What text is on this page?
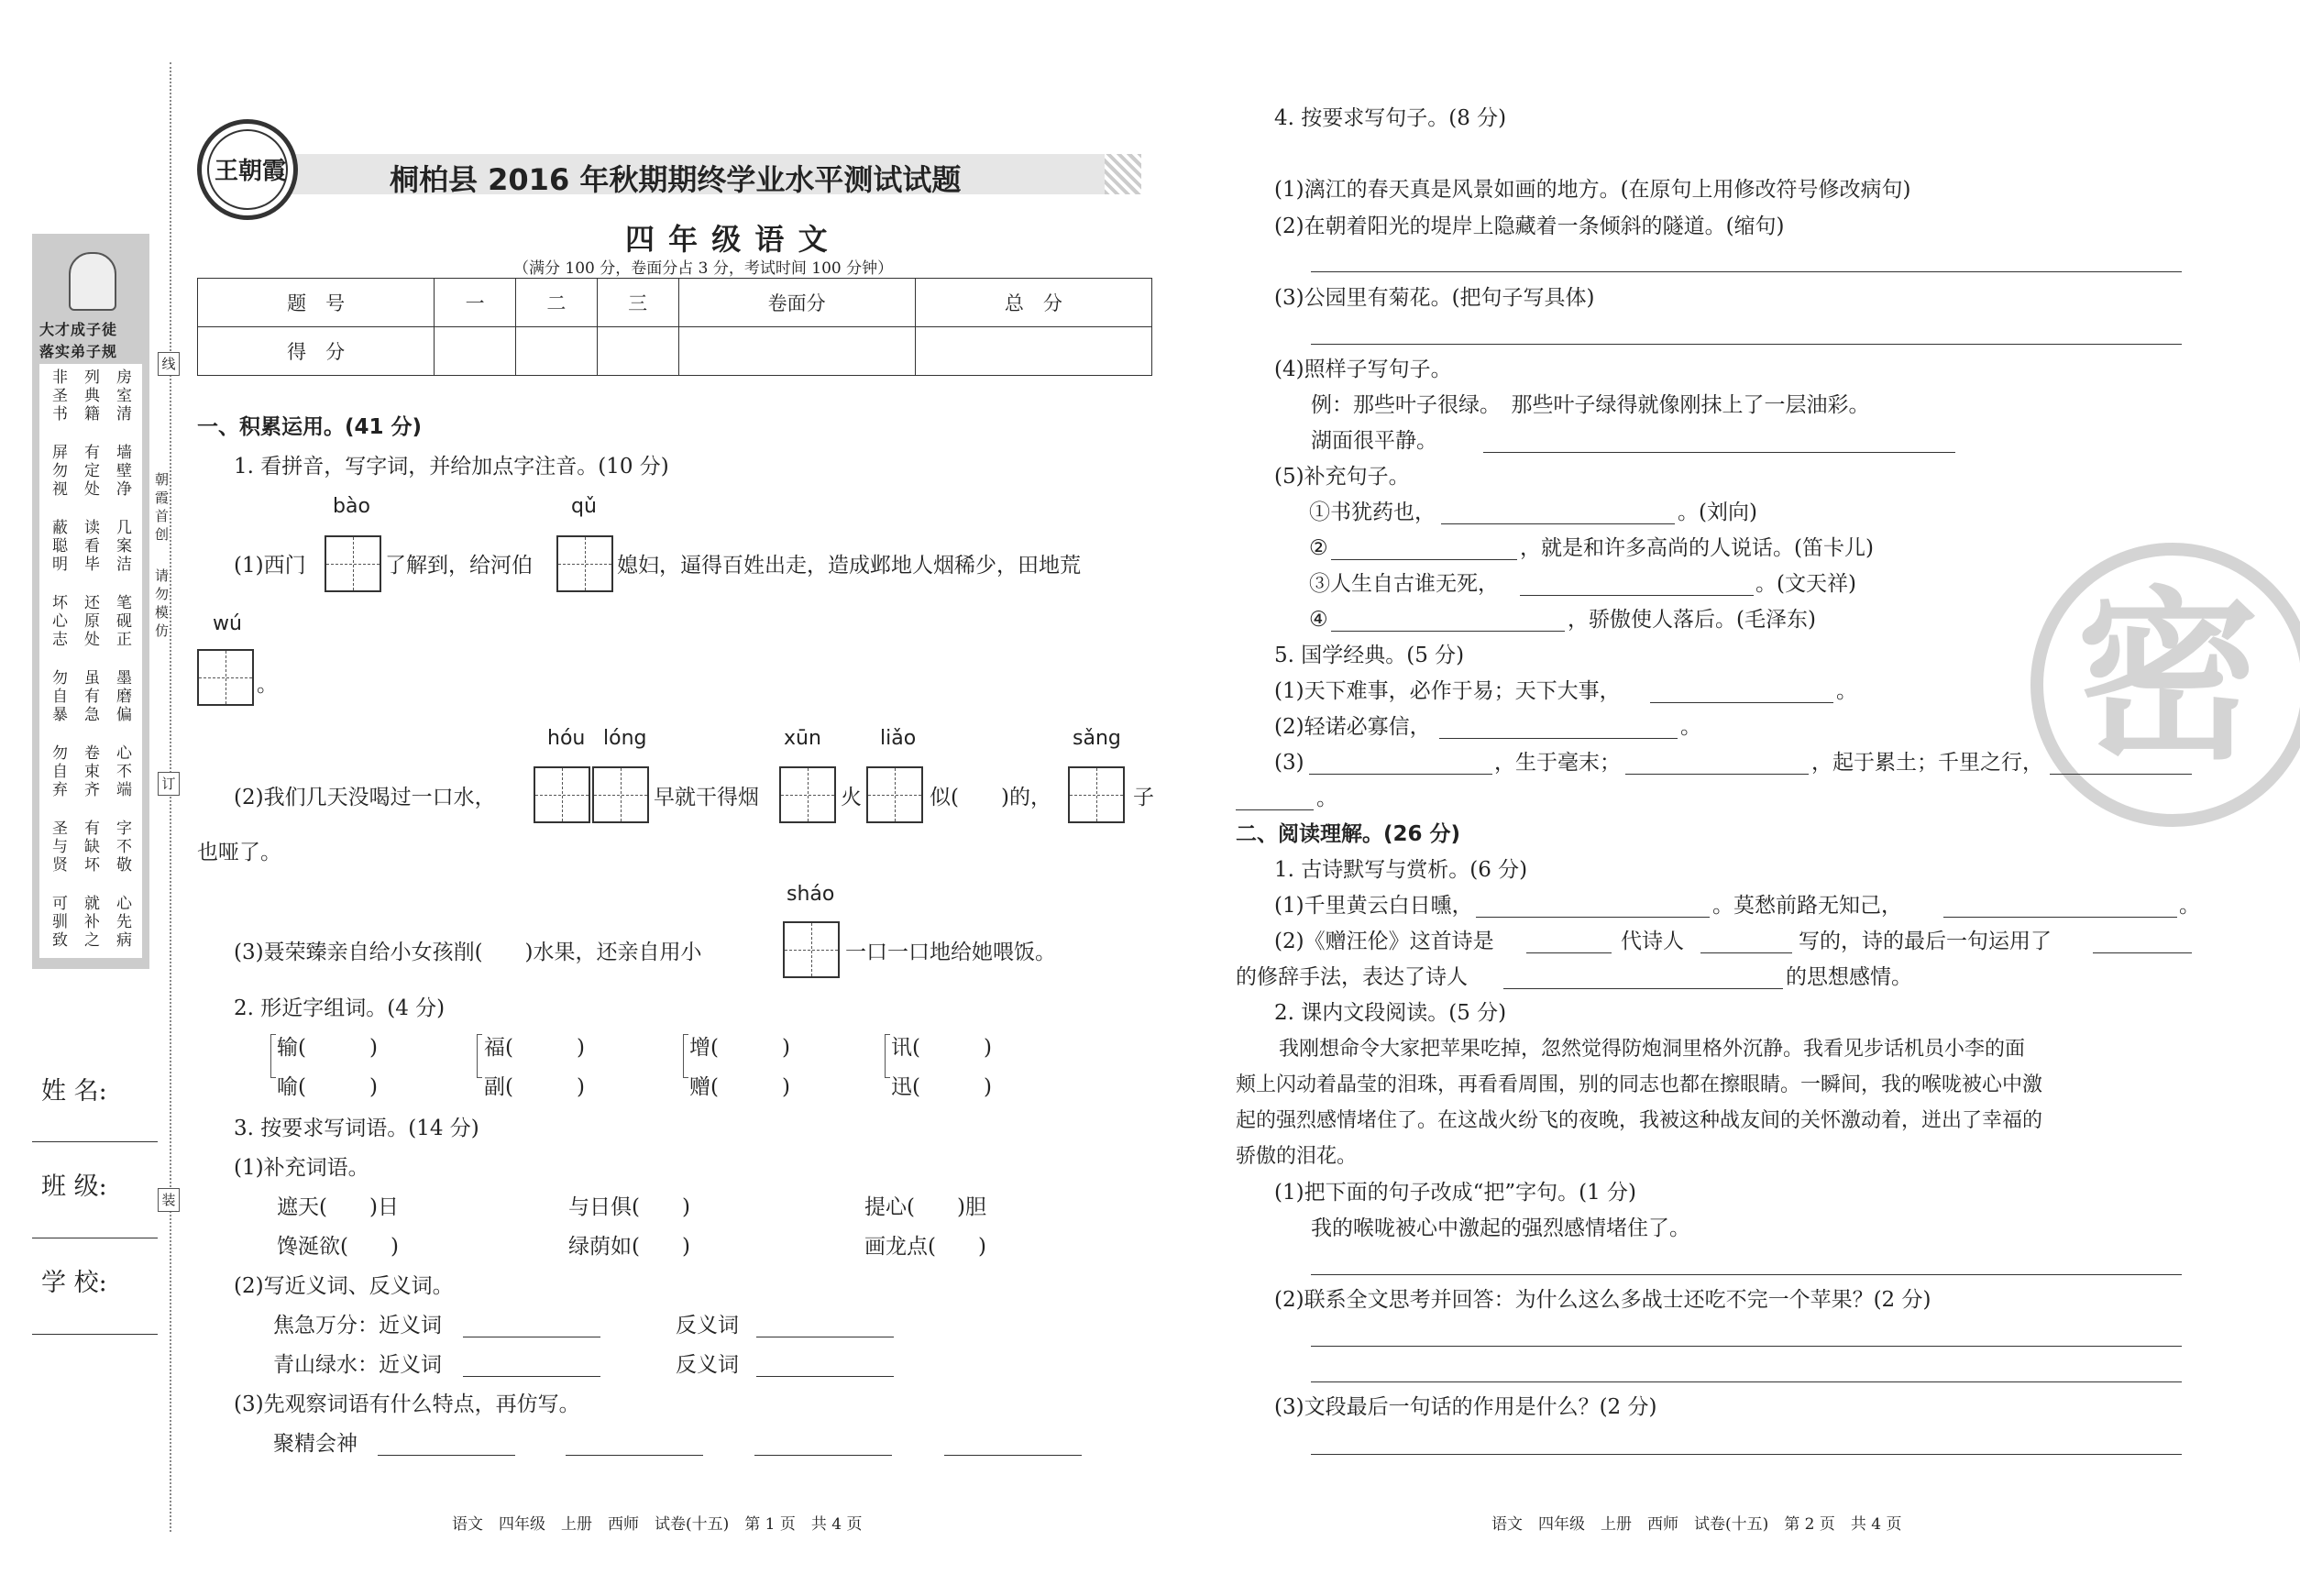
大才成子徒
落实弟子规
非圣书 列典籍 房室清
屏勿视 有定处 墙壁净
蔽聪明 读看毕 几案洁
坏心志 还原处 笔砚正
勿自暴 虽有急 墨磨偏
勿自弃 卷束齐 心不端
圣与贤 有缺坏 字不敬
可驯致 就补之 心先病
朝霞首创
请勿模仿
线
订
装
姓 名:
班 级:
学 校:
王朝霞	桐柏县 2016 年秋期期终学业水平测试试题
四 年 级 语 文
（满分 100 分，卷面分占 3 分，考试时间 100 分钟）
题　号	一	二	三	卷面分	总　分
得　分					
一、积累运用。(41 分)
1. 看拼音，写字词，并给加点字注音。(10 分)
bào	qǔ
(1)西门	了解到，给河伯	媳妇，逼得百姓出走，造成邺地人烟稀少，田地荒
wú
。
hóu lóng	xūn	liǎo	sǎng
(2)我们几天没喝过一口水，	早就干得烟	火	似(　　)的，	子
也哑了。
sháo
(3)聂荣臻亲自给小女孩削(　　)水果，还亲自用小	一口一口地给她喂饭。
2. 形近字组词。(4 分)
输(　　　)
喻(　　　)
福(　　　)
副(　　　)
增(　　　)
赠(　　　)
讯(　　　)
迅(　　　)
3. 按要求写词语。(14 分)
(1)补充词语。
遮天(　　)日	与日俱(　　)	提心(　　)胆
馋涎欲(　　)	绿荫如(　　)	画龙点(　　)
(2)写近义词、反义词。
焦急万分：近义词	反义词
青山绿水：近义词	反义词
(3)先观察词语有什么特点，再仿写。
聚精会神
语文　四年级　上册　西师　试卷(十五)　第 1 页　共 4 页
密
4. 按要求写句子。(8 分)
(1)漓江的春天真是风景如画的地方。(在原句上用修改符号修改病句)
(2)在朝着阳光的堤岸上隐藏着一条倾斜的隧道。(缩句)
(3)公园里有菊花。(把句子写具体)
(4)照样子写句子。
例：那些叶子很绿。　那些叶子绿得就像刚抹上了一层油彩。
湖面很平静。
(5)补充句子。
①书犹药也，	。(刘向)
②	，就是和许多高尚的人说话。(笛卡儿)
③人生自古谁无死，	。(文天祥)
④	，骄傲使人落后。(毛泽东)
5. 国学经典。(5 分)
(1)天下难事，必作于易；天下大事，	。
(2)轻诺必寡信，	。
(3)	，生于毫末；	，起于累土；千里之行，
。
二、阅读理解。(26 分)
1. 古诗默写与赏析。(6 分)
(1)千里黄云白日曛，	。莫愁前路无知己，	。
(2)《赠汪伦》这首诗是	代诗人	写的，诗的最后一句运用了
的修辞手法，表达了诗人	的思想感情。
2. 课内文段阅读。(5 分)
我刚想命令大家把苹果吃掉，忽然觉得防炮洞里格外沉静。我看见步话机员小李的面
颊上闪动着晶莹的泪珠，再看看周围，别的同志也都在擦眼睛。一瞬间，我的喉咙被心中激
起的强烈感情堵住了。在这战火纷飞的夜晚，我被这种战友间的关怀激动着，迸出了幸福的
骄傲的泪花。
(1)把下面的句子改成“把”字句。(1 分)
我的喉咙被心中激起的强烈感情堵住了。
(2)联系全文思考并回答：为什么这么多战士还吃不完一个苹果？(2 分)
(3)文段最后一句话的作用是什么？(2 分)
语文　四年级　上册　西师　试卷(十五)　第 2 页　共 4 页
